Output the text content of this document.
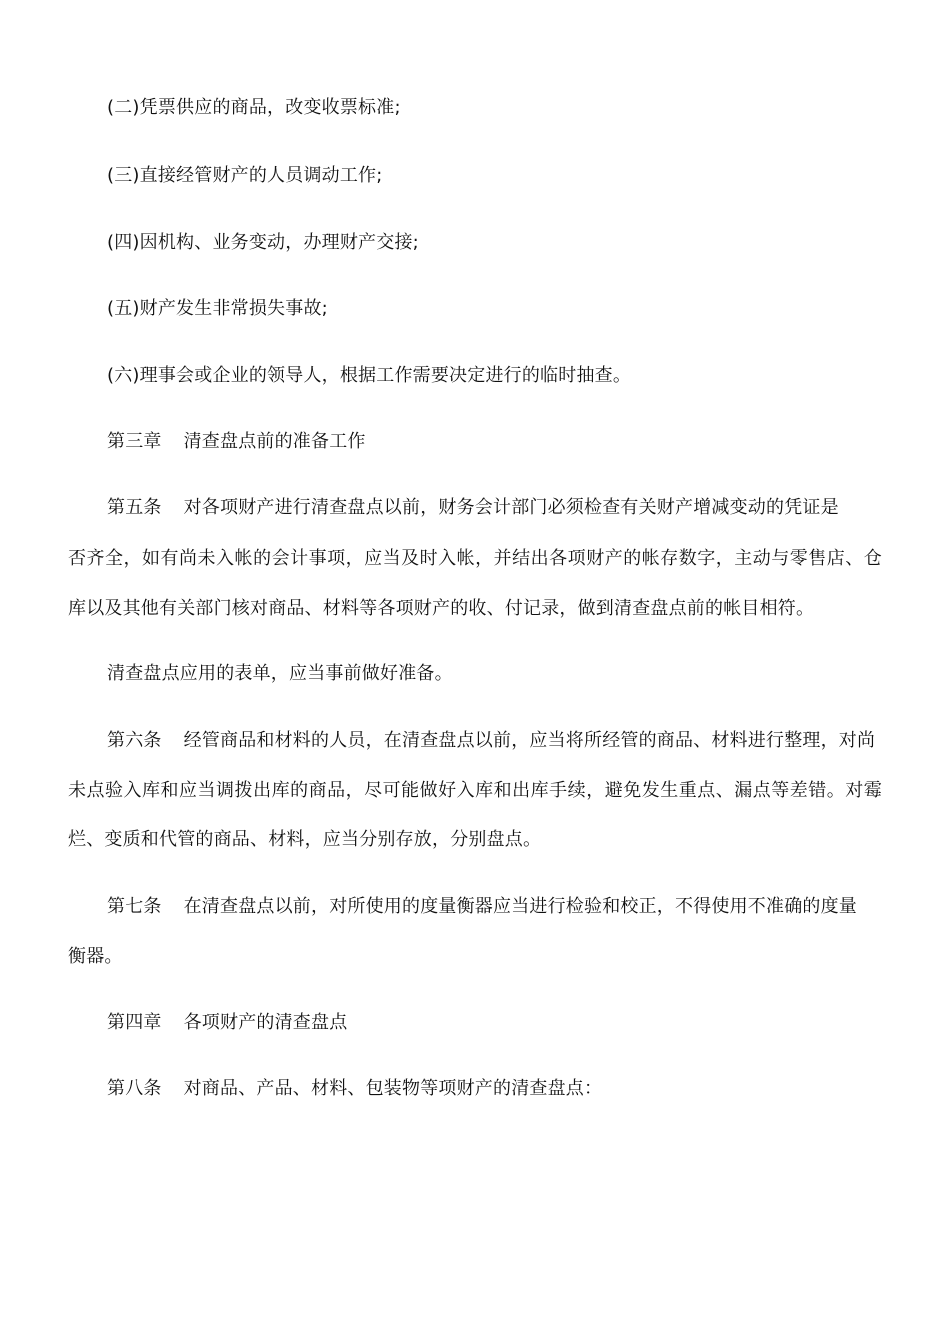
(二)凭票供应的商品，改变收票标准;
(三)直接经管财产的人员调动工作;
(四)因机构、业务变动，办理财产交接;
(五)财产发生非常损失事故;
(六)理事会或企业的领导人，根据工作需要决定进行的临时抽查。
第三章 清查盘点前的准备工作
第五条 对各项财产进行清查盘点以前，财务会计部门必须检查有关财产增减变动的凭证是
否齐全，如有尚未入帐的会计事项，应当及时入帐，并结出各项财产的帐存数字，主动与零售店、仓
库以及其他有关部门核对商品、材料等各项财产的收、付记录，做到清查盘点前的帐目相符。
清查盘点应用的表单，应当事前做好准备。
第六条 经管商品和材料的人员，在清查盘点以前，应当将所经管的商品、材料进行整理，对尚
未点验入库和应当调拨出库的商品，尽可能做好入库和出库手续，避免发生重点、漏点等差错。对霉
烂、变质和代管的商品、材料，应当分别存放，分别盘点。
第七条 在清查盘点以前，对所使用的度量衡器应当进行检验和校正，不得使用不准确的度量
衡器。
第四章 各项财产的清查盘点
第八条 对商品、产品、材料、包装物等项财产的清查盘点：
